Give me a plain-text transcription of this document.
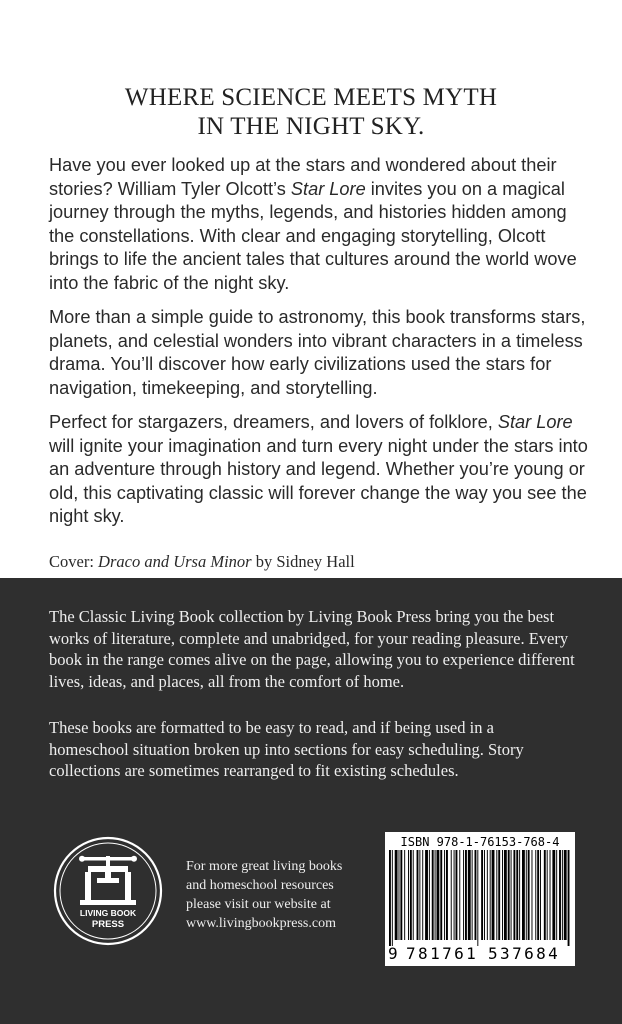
WHERE SCIENCE MEETS MYTH
IN THE NIGHT SKY.

Have you ever looked up at the stars and wondered about their stories? William Tyler Olcott’s Star Lore invites you on a magical journey through the myths, legends, and histories hidden among the constellations. With clear and engaging storytelling, Olcott brings to life the ancient tales that cultures around the world wove into the fabric of the night sky.

More than a simple guide to astronomy, this book transforms stars, planets, and celestial wonders into vibrant characters in a timeless drama. You’ll discover how early civilizations used the stars for navigation, timekeeping, and storytelling.

Perfect for stargazers, dreamers, and lovers of folklore, Star Lore will ignite your imagination and turn every night under the stars into an adventure through history and legend. Whether you’re young or old, this captivating classic will forever change the way you see the night sky.

Cover: Draco and Ursa Minor by Sidney Hall

The Classic Living Book collection by Living Book Press bring you the best works of literature, complete and unabridged, for your reading pleasure. Every book in the range comes alive on the page, allowing you to experience different lives, ideas, and places, all from the comfort of home.

These books are formatted to be easy to read, and if being used in a homeschool situation broken up into sections for easy scheduling. Story collections are sometimes rearranged to fit existing schedules.

LIVING BOOK
PRESS

For more great living books
and homeschool resources
please visit our website at
www.livingbookpress.com

ISBN 978-1-76153-768-4

9 781761 537684
